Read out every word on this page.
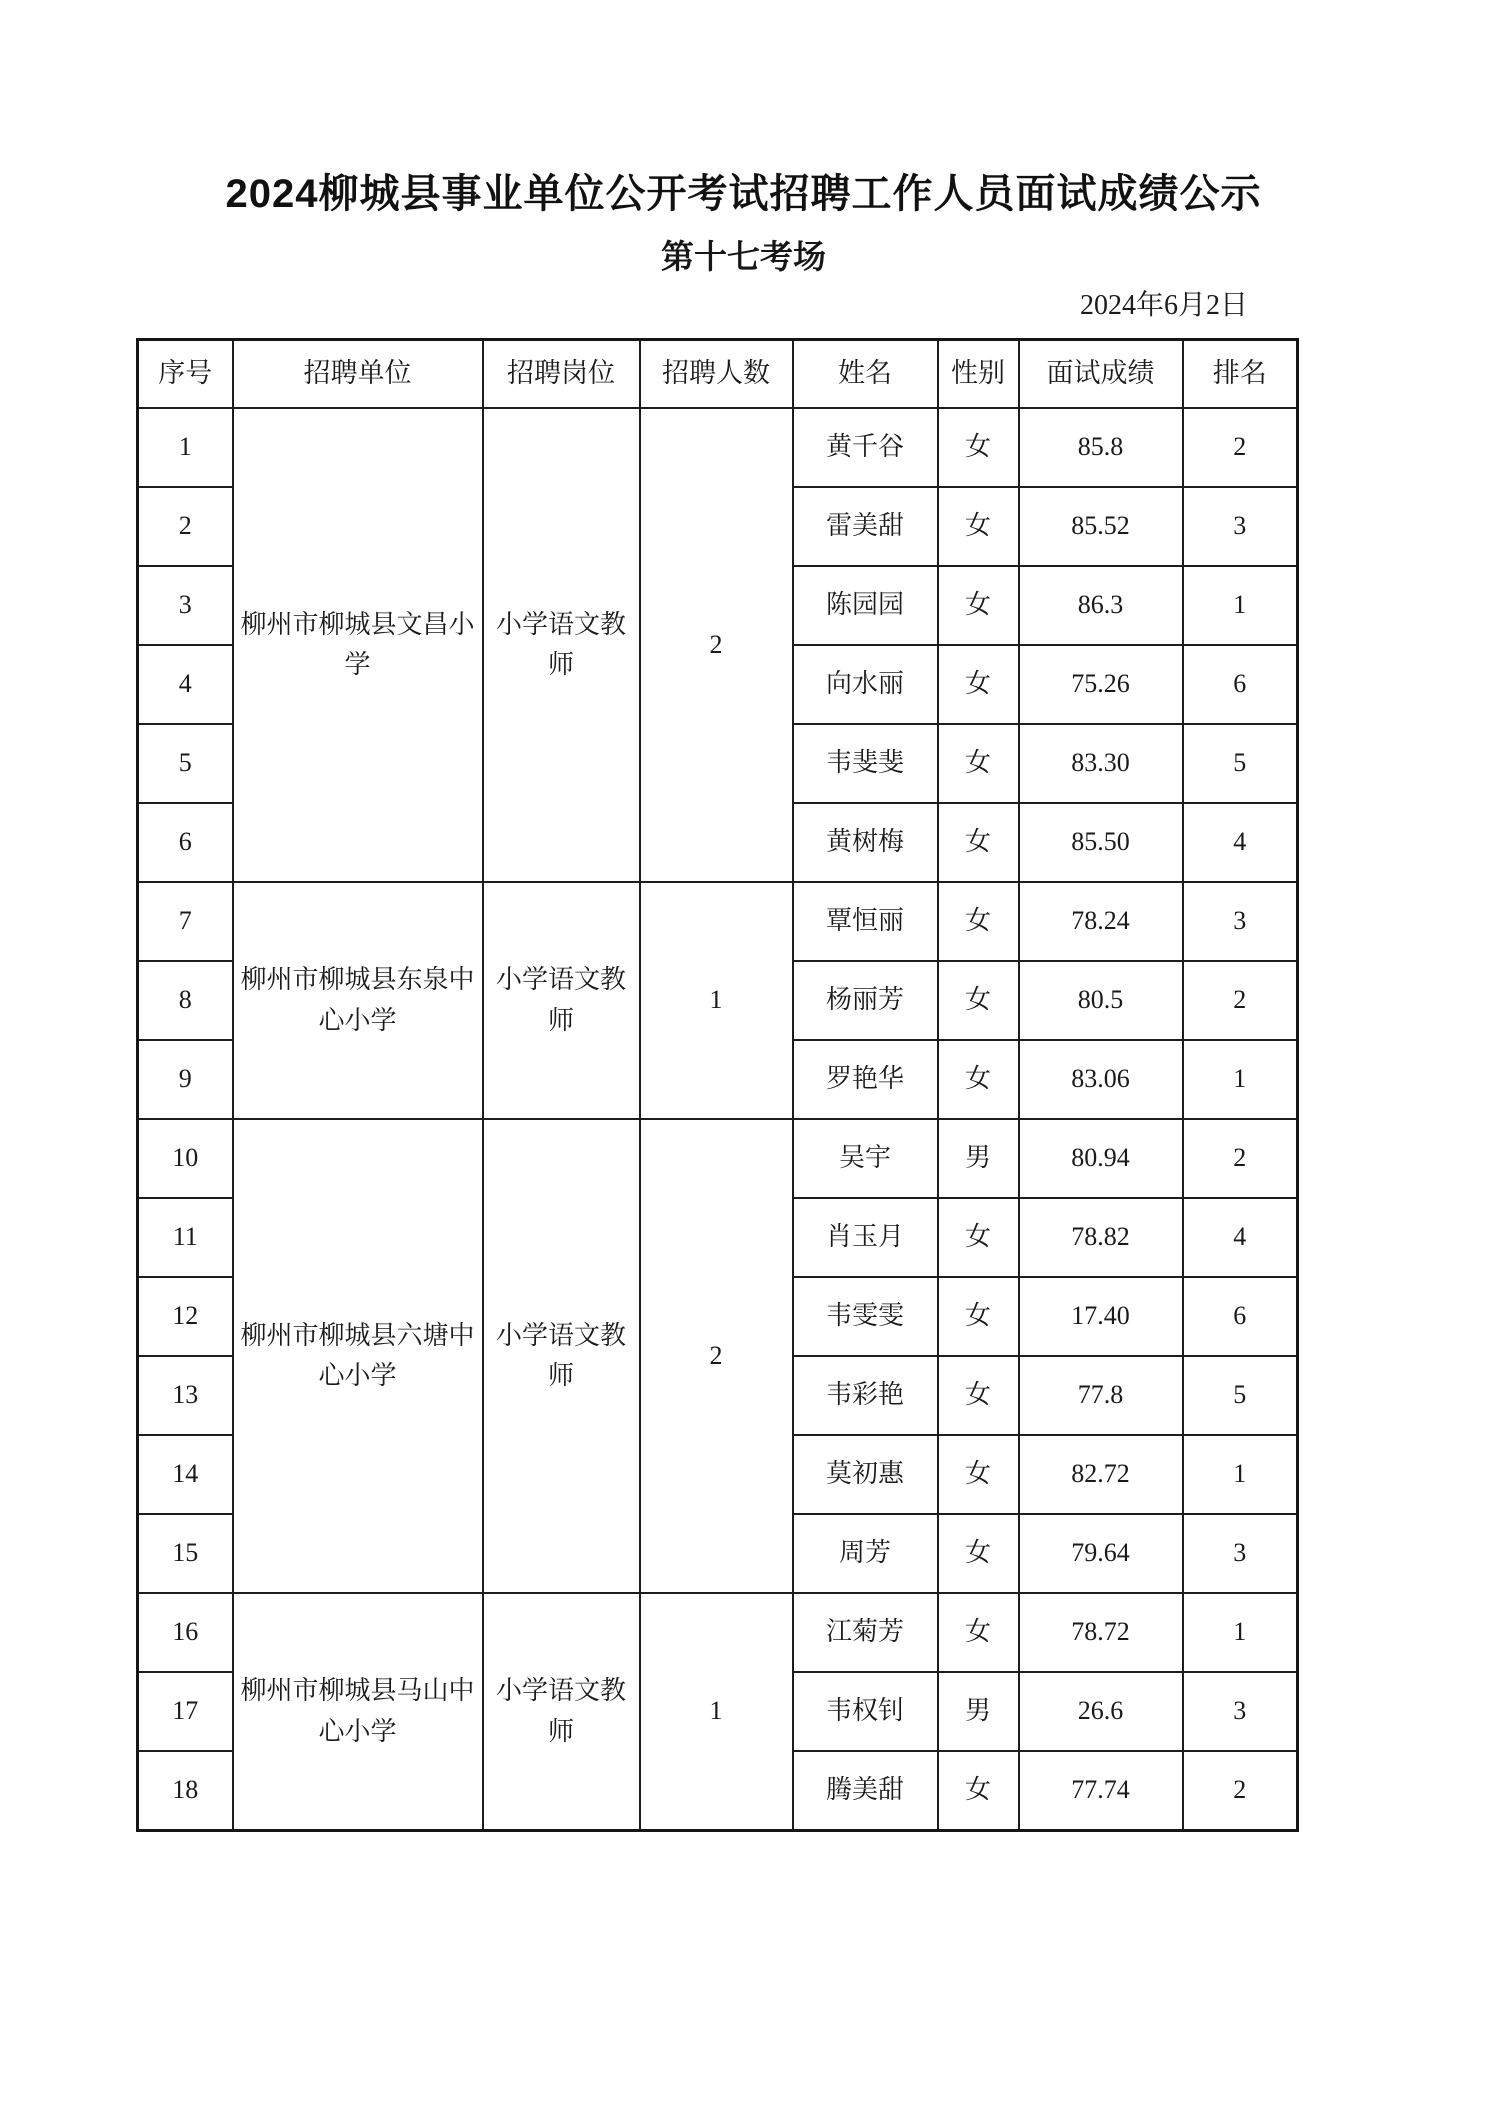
2024柳城县事业单位公开考试招聘工作人员面试成绩公示
第十七考场
2024年6月2日
序号	招聘单位	招聘岗位	招聘人数	姓名	性别	面试成绩	排名
1	柳州市柳城县文昌小学	小学语文教师	2	黄千谷	女	85.8	2
2				雷美甜	女	85.52	3
3				陈园园	女	86.3	1
4				向水丽	女	75.26	6
5				韦斐斐	女	83.30	5
6				黄树梅	女	85.50	4
7	柳州市柳城县东泉中心小学	小学语文教师	1	覃恒丽	女	78.24	3
8				杨丽芳	女	80.5	2
9				罗艳华	女	83.06	1
10	柳州市柳城县六塘中心小学	小学语文教师	2	吴宇	男	80.94	2
11				肖玉月	女	78.82	4
12				韦雯雯	女	17.40	6
13				韦彩艳	女	77.8	5
14				莫初惠	女	82.72	1
15				周芳	女	79.64	3
16	柳州市柳城县马山中心小学	小学语文教师	1	江菊芳	女	78.72	1
17				韦权钊	男	26.6	3
18				腾美甜	女	77.74	2
